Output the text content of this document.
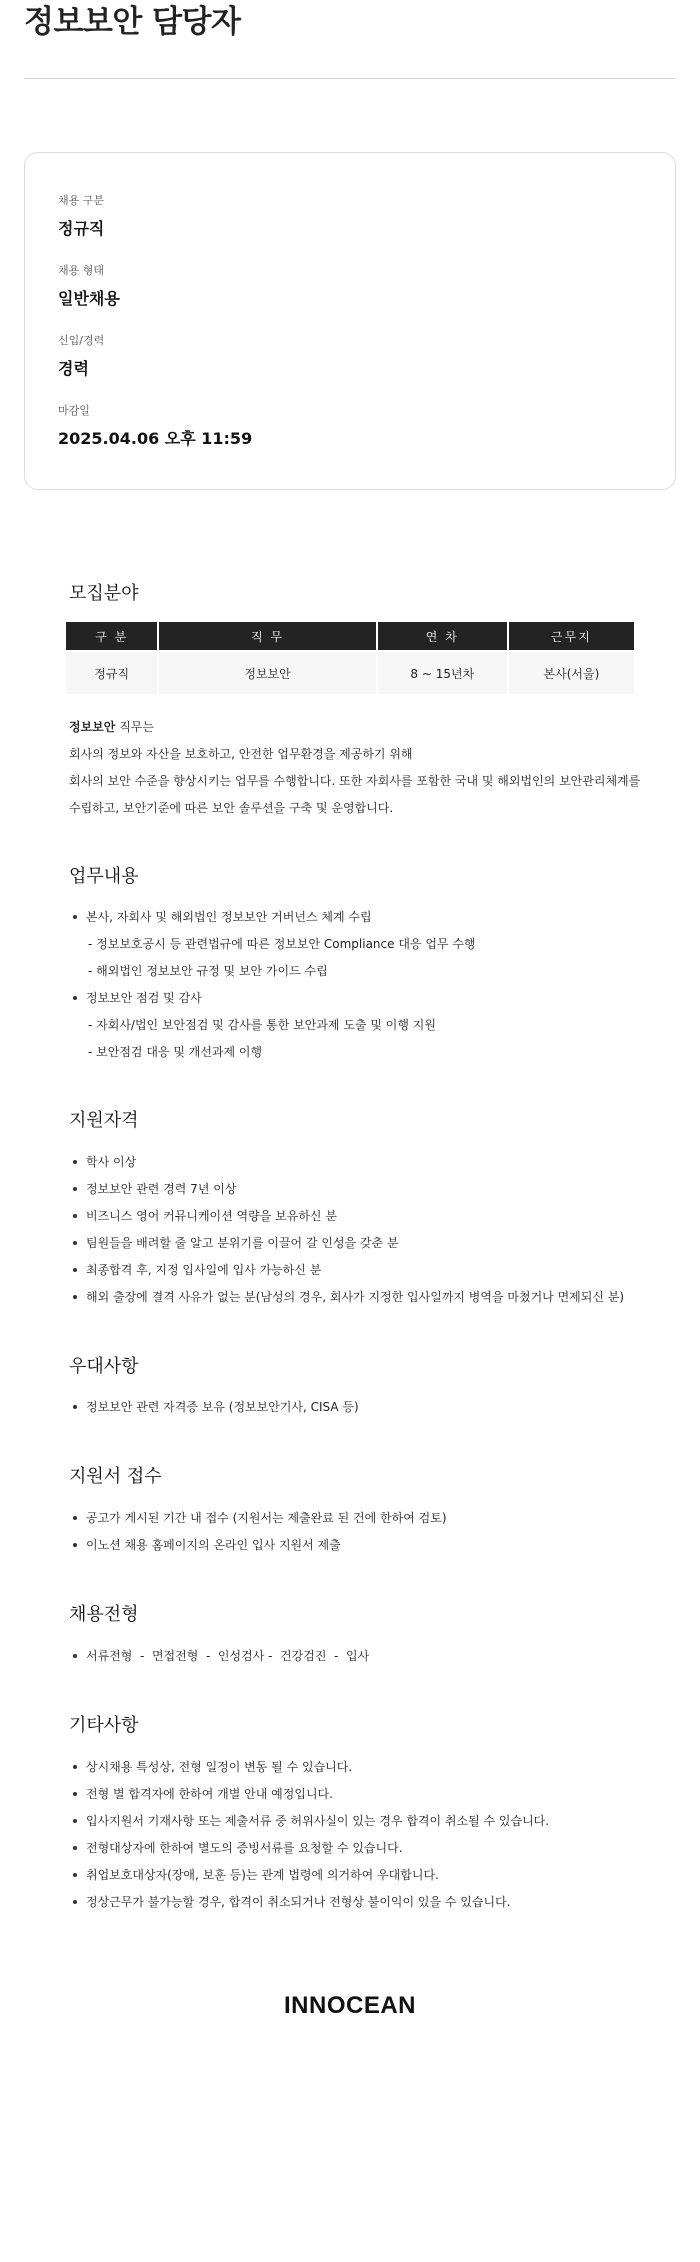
정보보안 담당자
채용 구분
정규직
채용 형태
일반채용
신입/경력
경력
마감일
2025.04.06 오후 11:59
모집분야
구 분	직 무	연 차	근무지
정규직	정보보안	8 ~ 15년차	본사(서울)
정보보안 직무는
회사의 정보와 자산을 보호하고, 안전한 업무환경을 제공하기 위해
회사의 보안 수준을 향상시키는 업무를 수행합니다. 또한 자회사를 포함한 국내 및 해외법인의 보안관리체계를
수립하고, 보안기준에 따른 보안 솔루션을 구축 및 운영합니다.
업무내용
본사, 자회사 및 해외법인 정보보안 거버넌스 체계 수립
- 정보보호공시 등 관련법규에 따른 정보보안 Compliance 대응 업무 수행
- 해외법인 정보보안 규정 및 보안 가이드 수립
정보보안 점검 및 감사
- 자회사/법인 보안점검 및 감사를 통한 보안과제 도출 및 이행 지원
- 보안점검 대응 및 개선과제 이행
지원자격
학사 이상
정보보안 관련 경력 7년 이상
비즈니스 영어 커뮤니케이션 역량을 보유하신 분
팀원들을 배려할 줄 알고 분위기를 이끌어 갈 인성을 갖춘 분
최종합격 후, 지정 입사일에 입사 가능하신 분
해외 출장에 결격 사유가 없는 분(남성의 경우, 회사가 지정한 입사일까지 병역을 마쳤거나 면제되신 분)
우대사항
정보보안 관련 자격증 보유 (정보보안기사, CISA 등)
지원서 접수
공고가 게시된 기간 내 접수 (지원서는 제출완료 된 건에 한하여 검토)
이노션 채용 홈페이지의 온라인 입사 지원서 제출
채용전형
서류전형  -  면접전형  -  인성검사 -  건강검진  -  입사
기타사항
상시채용 특성상, 전형 일정이 변동 될 수 있습니다.
전형 별 합격자에 한하여 개별 안내 예정입니다.
입사지원서 기재사항 또는 제출서류 중 허위사실이 있는 경우 합격이 취소될 수 있습니다.
전형대상자에 한하여 별도의 증빙서류를 요청할 수 있습니다.
취업보호대상자(장애, 보훈 등)는 관계 법령에 의거하여 우대합니다.
정상근무가 불가능할 경우, 합격이 취소되거나 전형상 불이익이 있을 수 있습니다.
INNOCEAN
